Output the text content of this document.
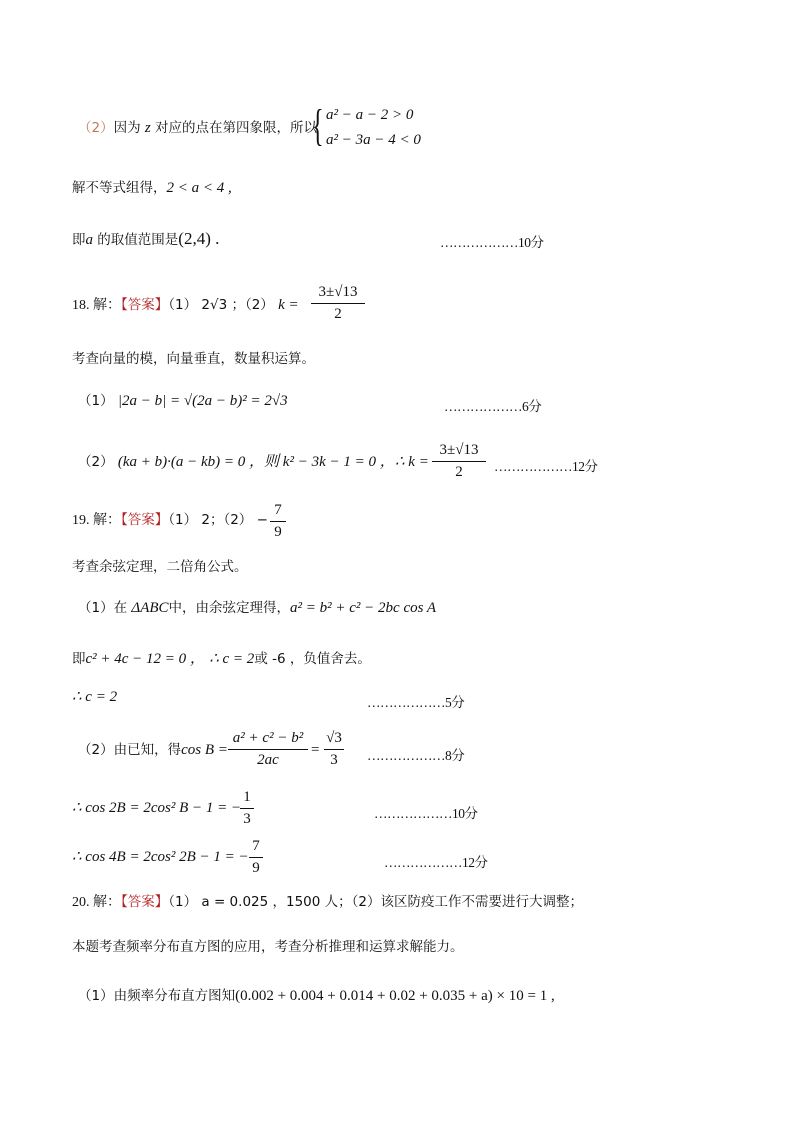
（2）因为 z 对应的点在第四象限，所以
{ a² − a − 2 > 0
a² − 3a − 4 < 0
解不等式组得，2 < a < 4 ,
即a 的取值范围是(2,4) .	………………10分
18. 解：【答案】（1） 2√3 ；（2） k =
3±√13
2
考查向量的模，向量垂直，数量积运算。
（1） |2a − b| = √(2a − b)² = 2√3	………………6分
（2） (ka + b)·(a − kb) = 0 ，则 k² − 3k − 1 = 0 ， ∴ k =
3±√13
2	………………12分
19. 解：【答案】（1） 2；（2） −
7
9
考查余弦定理，二倍角公式。
（1）在 ΔABC中，由余弦定理得，a² = b² + c² − 2bc cos A
即c² + 4c − 12 = 0 ， ∴ c = 2或 -6 ，负值舍去。
∴ c = 2	………………5分
（2）由已知，得cos B =
a² + c² − b²
2ac
=
√3
3	………………8分
∴ cos 2B = 2cos² B − 1 = −
1
3	………………10分
∴ cos 4B = 2cos² 2B − 1 = −
7
9	………………12分
20. 解：【答案】（1） a = 0.025 ，1500 人；（2）该区防疫工作不需要进行大调整；
本题考查频率分布直方图的应用，考查分析推理和运算求解能力。
（1）由频率分布直方图知(0.002 + 0.004 + 0.014 + 0.02 + 0.035 + a) × 10 = 1 ,
